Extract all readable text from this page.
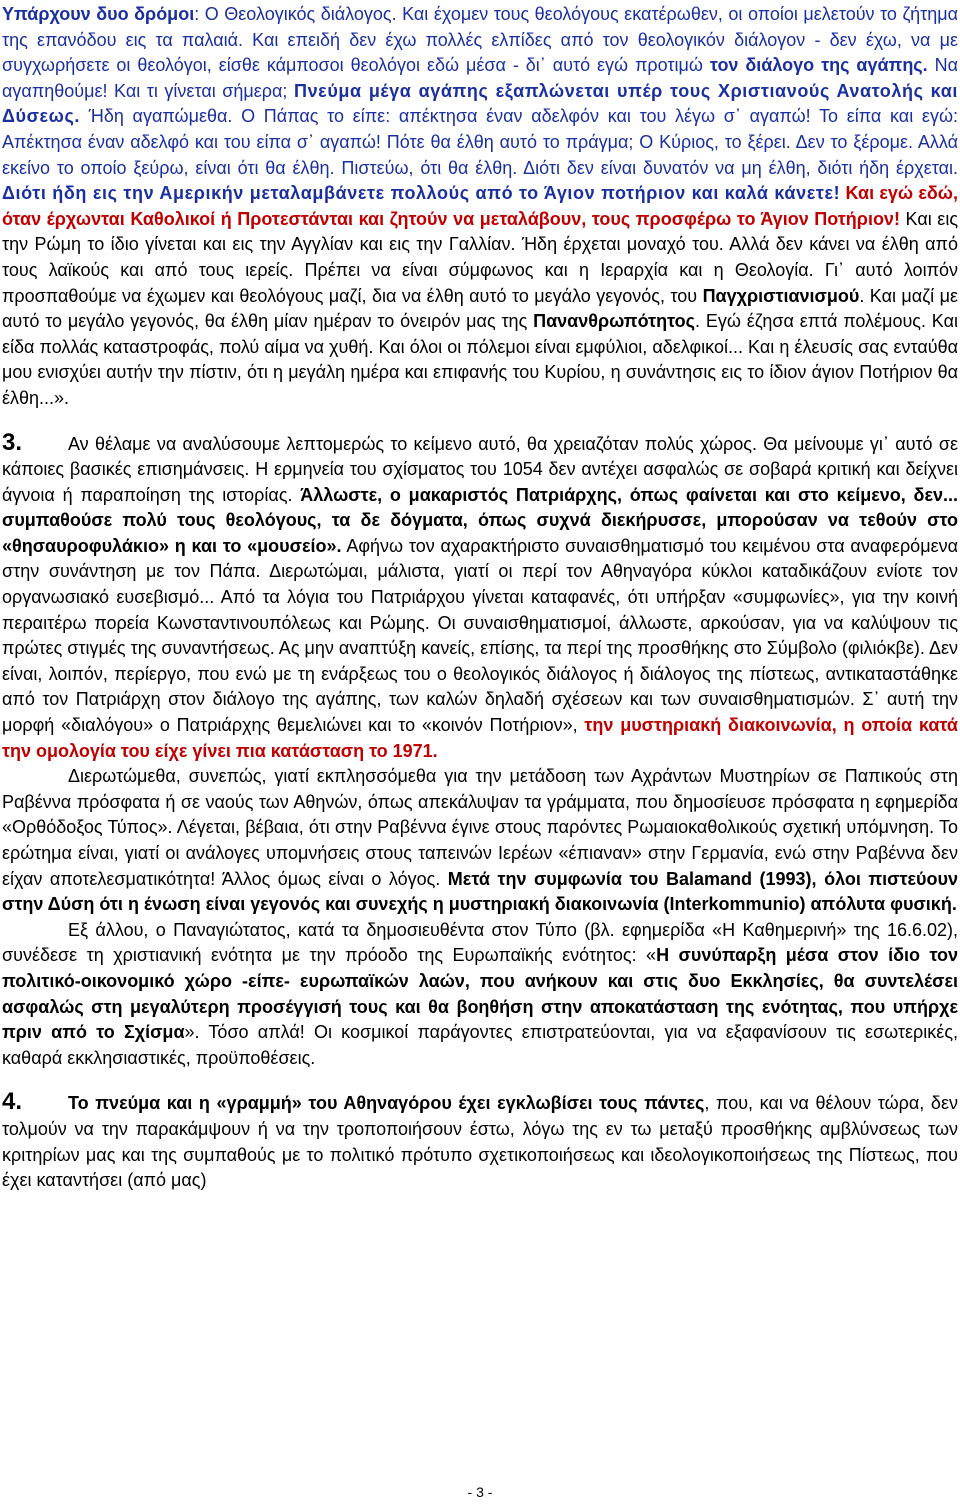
Υπάρχουν δυο δρόμοι: Ο Θεολογικός διάλογος. Και έχομεν τους θεολόγους εκατέρωθεν, οι οποίοι μελετούν το ζήτημα της επανόδου εις τα παλαιά. Και επειδή δεν έχω πολλές ελπίδες από τον θεολογικόν διάλογον - δεν έχω, να με συγχωρήσετε οι θεολόγοι, είσθε κάμποσοι θεολόγοι εδώ μέσα - δι᾽ αυτό εγώ προτιμώ τον διάλογο της αγάπης. Να αγαπηθούμε! Και τι γίνεται σήμερα; Πνεύμα μέγα αγάπης εξαπλώνεται υπέρ τους Χριστιανούς Ανατολής και Δύσεως. Ήδη αγαπώμεθα. Ο Πάπας το είπε: απέκτησα έναν αδελφόν και του λέγω σ᾽ αγαπώ! Το είπα και εγώ: Απέκτησα έναν αδελφό και του είπα σ᾽ αγαπώ! Πότε θα έλθη αυτό το πράγμα; Ο Κύριος, το ξέρει. Δεν το ξέρομε. Αλλά εκείνο το οποίο ξεύρω, είναι ότι θα έλθη. Πιστεύω, ότι θα έλθη. Διότι δεν είναι δυνατόν να μη έλθη, διότι ήδη έρχεται. Διότι ήδη εις την Αμερικήν μεταλαμβάνετε πολλούς από το Άγιον ποτήριον και καλά κάνετε! Και εγώ εδώ, όταν έρχωνται Καθολικοί ή Προτεστάνται και ζητούν να μεταλάβουν, τους προσφέρω το Άγιον Ποτήριον! Και εις την Ρώμη το ίδιο γίνεται και εις την Αγγλίαν και εις την Γαλλίαν. Ήδη έρχεται μοναχό του. Αλλά δεν κάνει να έλθη από τους λαϊκούς και από τους ιερείς. Πρέπει να είναι σύμφωνος και η Ιεραρχία και η Θεολογία. Γι᾽ αυτό λοιπόν προσπαθούμε να έχωμεν και θεολόγους μαζί, δια να έλθη αυτό το μεγάλο γεγονός, του Παγχριστιανισμού. Και μαζί με αυτό το μεγάλο γεγονός, θα έλθη μίαν ημέραν το όνειρόν μας της Πανανθρωπότητος. Εγώ έζησα επτά πολέμους. Και είδα πολλάς καταστροφάς, πολύ αίμα να χυθή. Και όλοι οι πόλεμοι είναι εμφύλιοι, αδελφικοί... Και η έλευσίς σας ενταύθα μου ενισχύει αυτήν την πίστιν, ότι η μεγάλη ημέρα και επιφανής του Κυρίου, η συνάντησις εις το ίδιον άγιον Ποτήριον θα έλθη...».

3.	Αν θέλαμε να αναλύσουμε λεπτομερώς το κείμενο αυτό, θα χρειαζόταν πολύς χώρος. Θα μείνουμε γι᾽ αυτό σε κάποιες βασικές επισημάνσεις. Η ερμηνεία του σχίσματος του 1054 δεν αντέχει ασφαλώς σε σοβαρά κριτική και δείχνει άγνοια ή παραποίηση της ιστορίας. Άλλωστε, ο μακαριστός Πατριάρχης, όπως φαίνεται και στο κείμενο, δεν... συμπαθούσε πολύ τους θεολόγους, τα δε δόγματα, όπως συχνά διεκήρυσσε, μπορούσαν να τεθούν στο «θησαυροφυλάκιο» η και το «μουσείο». Αφήνω τον αχαρακτήριστο συναισθηματισμό του κειμένου στα αναφερόμενα στην συνάντηση με τον Πάπα. Διερωτώμαι, μάλιστα, γιατί οι περί τον Αθηναγόρα κύκλοι καταδικάζουν ενίοτε τον οργανωσιακό ευσεβισμό... Από τα λόγια του Πατριάρχου γίνεται καταφανές, ότι υπήρξαν «συμφωνίες», για την κοινή περαιτέρω πορεία Κωνσταντινουπόλεως και Ρώμης. Οι συναισθηματισμοί, άλλωστε, αρκούσαν, για να καλύψουν τις πρώτες στιγμές της συναντήσεως. Ας μην αναπτύξη κανείς, επίσης, τα περί της προσθήκης στο Σύμβολο (φιλιόκβε). Δεν είναι, λοιπόν, περίεργο, που ενώ με τη ενάρξεως του ο θεολογικός διάλογος ή διάλογος της πίστεως, αντικαταστάθηκε από τον Πατριάρχη στον διάλογο της αγάπης, των καλών δηλαδή σχέσεων και των συναισθηματισμών. Σ᾽ αυτή την μορφή «διαλόγου» ο Πατριάρχης θεμελιώνει και το «κοινόν Ποτήριον», την μυστηριακή διακοινωνία, η οποία κατά την ομολογία του είχε γίνει πια κατάσταση το 1971.

Διερωτώμεθα, συνεπώς, γιατί εκπλησσόμεθα για την μετάδοση των Αχράντων Μυστηρίων σε Παπικούς στη Ραβέννα πρόσφατα ή σε ναούς των Αθηνών, όπως απεκάλυψαν τα γράμματα, που δημοσίευσε πρόσφατα η εφημερίδα «Ορθόδοξος Τύπος». Λέγεται, βέβαια, ότι στην Ραβέννα έγινε στους παρόντες Ρωμαιοκαθολικούς σχετική υπόμνηση. Το ερώτημα είναι, γιατί οι ανάλογες υπομνήσεις στους ταπεινών Ιερέων «έπιαναν» στην Γερμανία, ενώ στην Ραβέννα δεν είχαν αποτελεσματικότητα! Άλλος όμως είναι ο λόγος. Μετά την συμφωνία του Balamand (1993), όλοι πιστεύουν στην Δύση ότι η ένωση είναι γεγονός και συνεχής η μυστηριακή διακοινωνία (Interkommunio) απόλυτα φυσική.

Εξ άλλου, ο Παναγιώτατος, κατά τα δημοσιευθέντα στον Τύπο (βλ. εφημερίδα «Η Καθημερινή» της 16.6.02), συνέδεσε τη χριστιανική ενότητα με την πρόοδο της Ευρωπαϊκής ενότητος: «Η συνύπαρξη μέσα στον ίδιο τον πολιτικό-οικονομικό χώρο -είπε- ευρωπαϊκών λαών, που ανήκουν και στις δυο Εκκλησίες, θα συντελέσει ασφαλώς στη μεγαλύτερη προσέγγισή τους και θα βοηθήση στην αποκατάσταση της ενότητας, που υπήρχε πριν από το Σχίσμα». Τόσο απλά! Οι κοσμικοί παράγοντες επιστρατεύονται, για να εξαφανίσουν τις εσωτερικές, καθαρά εκκλησιαστικές, προϋποθέσεις.

4.	Το πνεύμα και η «γραμμή» του Αθηναγόρου έχει εγκλωβίσει τους πάντες, που, και να θέλουν τώρα, δεν τολμούν να την παρακάμψουν ή να την τροποποιήσουν έστω, λόγω της εν τω μεταξύ προσθήκης αμβλύνσεως των κριτηρίων μας και της συμπαθούς με το πολιτικό πρότυπο σχετικοποιήσεως και ιδεολογικοποιήσεως της Πίστεως, που έχει καταντήσει (από μας)

- 3 -
